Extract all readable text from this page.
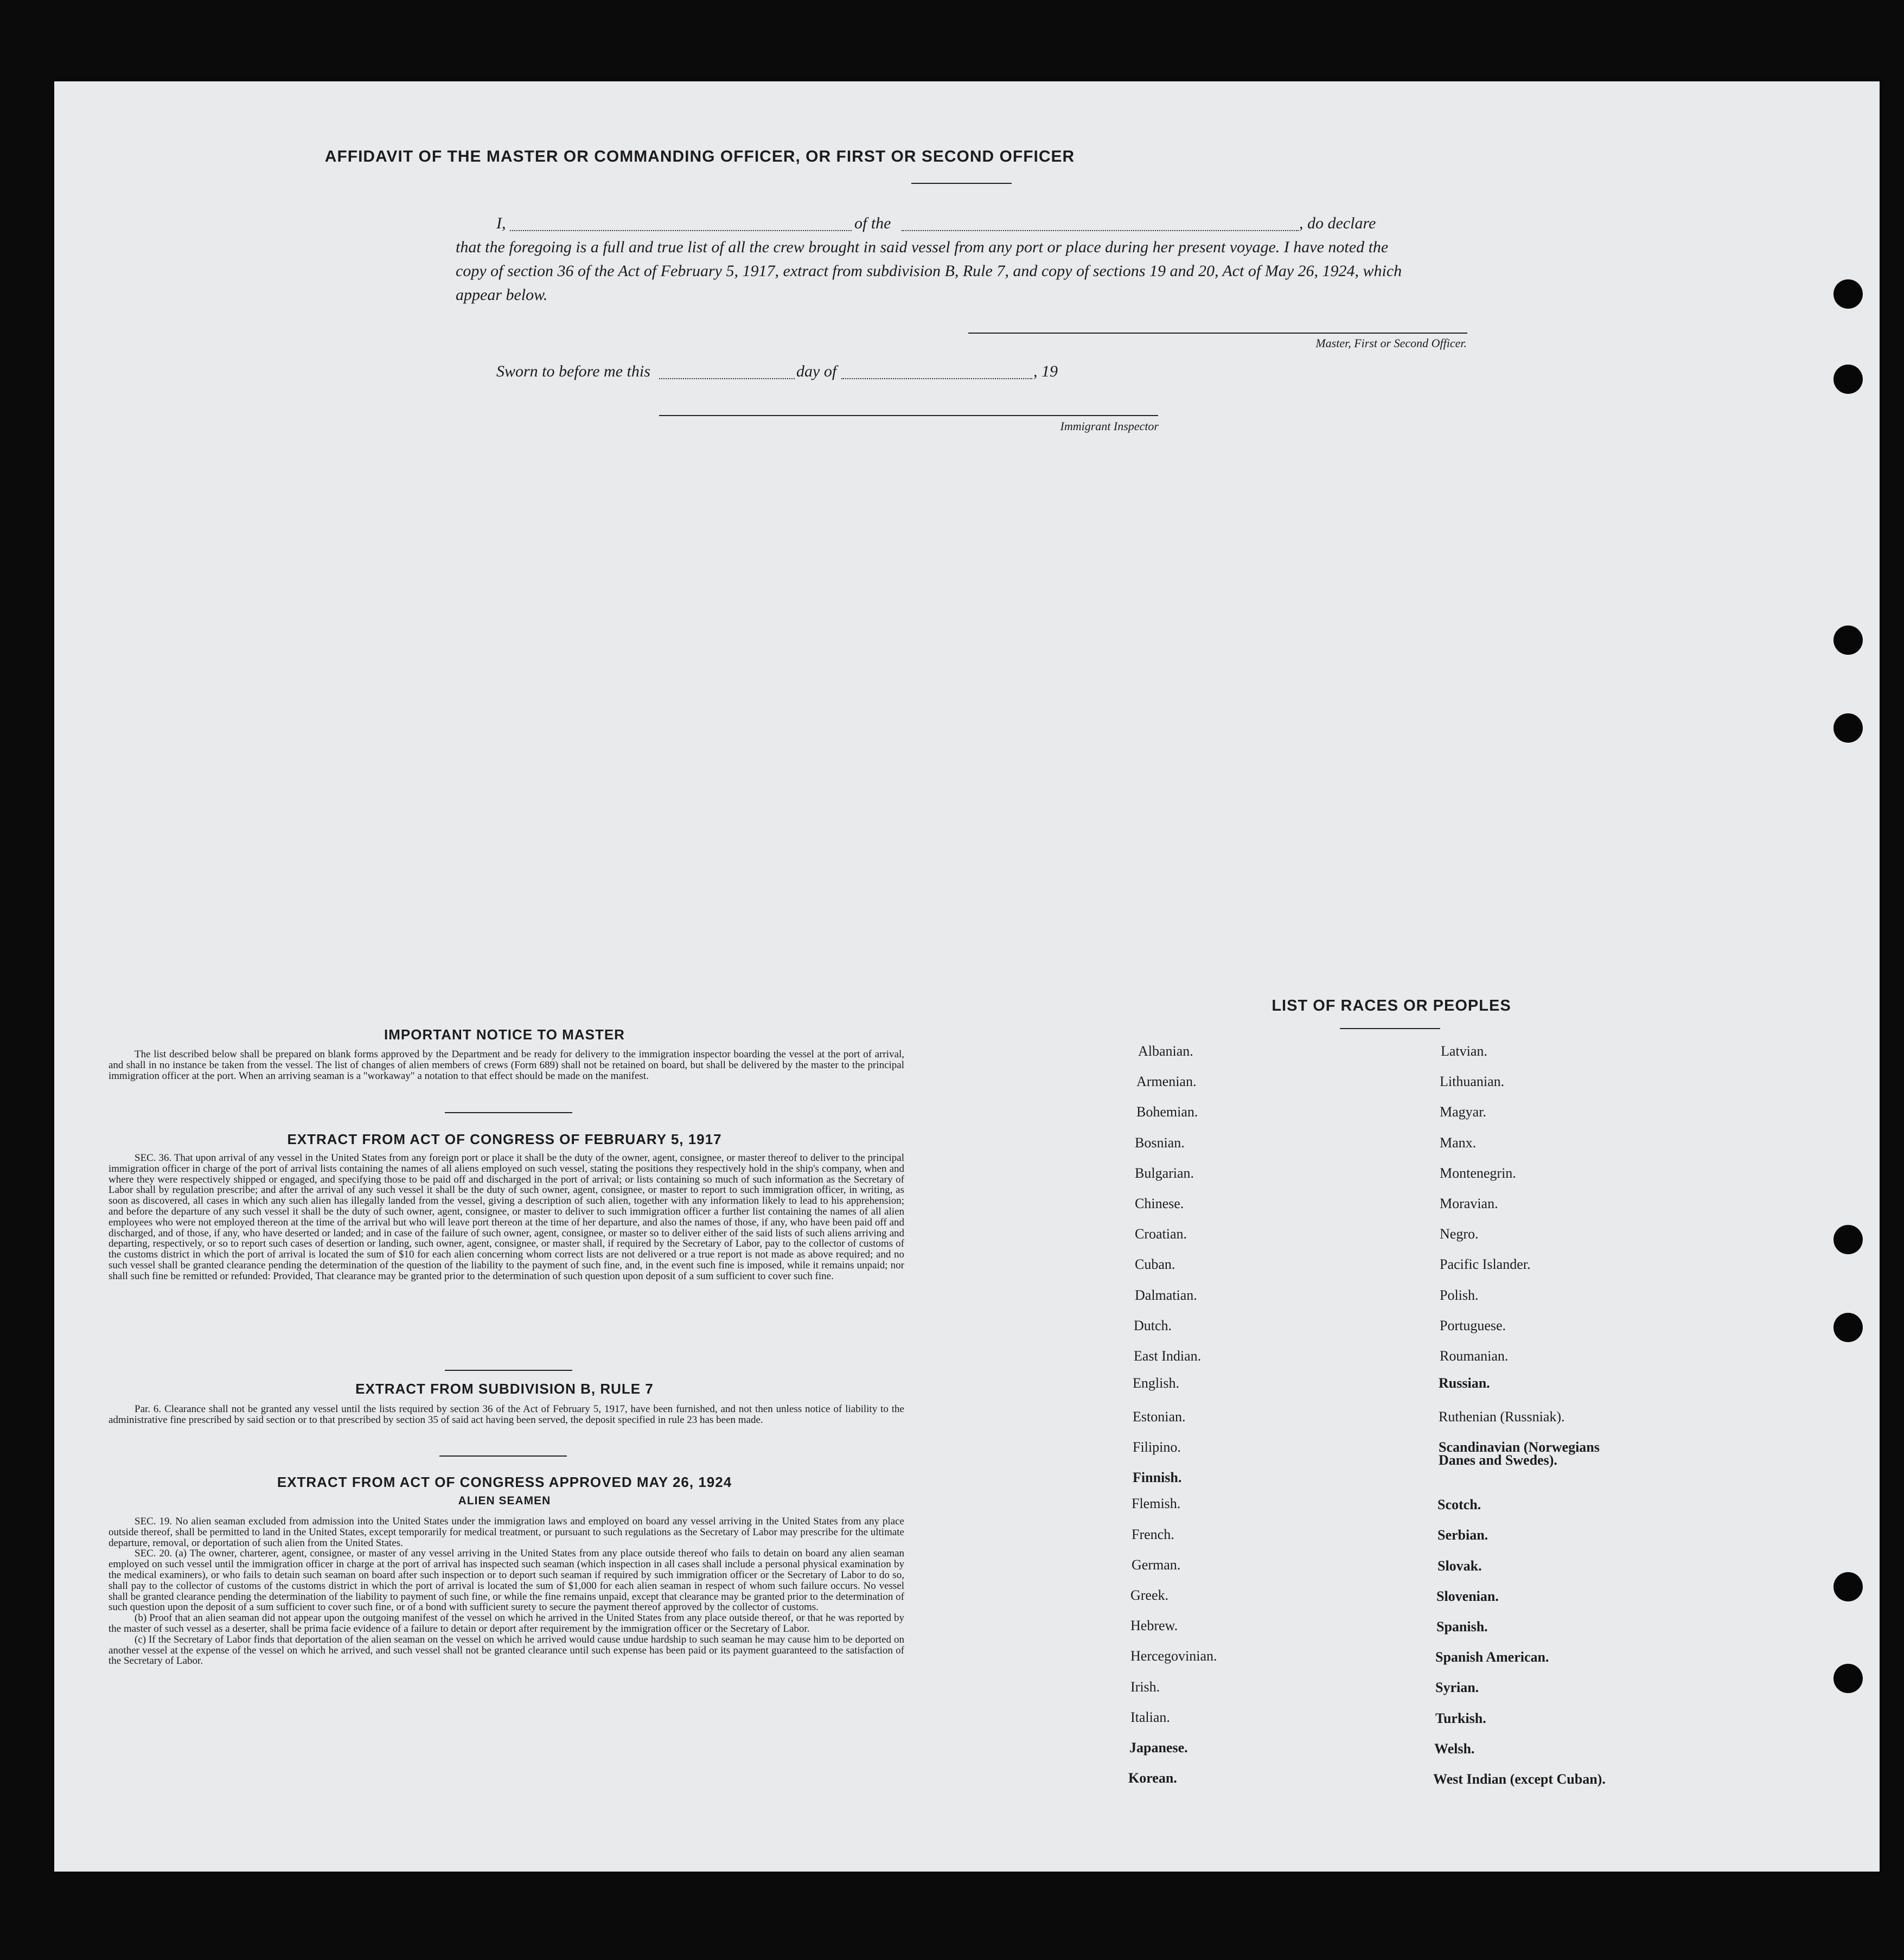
AFFIDAVIT OF THE MASTER OR COMMANDING OFFICER, OR FIRST OR SECOND OFFICER
I,	of the	, do declare
that the foregoing is a full and true list of all the crew brought in said vessel from any port or place during her present voyage. I have noted the
copy of section 36 of the Act of February 5, 1917, extract from subdivision B, Rule 7, and copy of sections 19 and 20, Act of May 26, 1924, which
appear below.
Master, First or Second Officer.
Sworn to before me this	day of	, 19
Immigrant Inspector
IMPORTANT NOTICE TO MASTER
The list described below shall be prepared on blank forms approved by the Department and be ready for delivery to the immigration inspector boarding the vessel at the port of arrival, and shall in no instance be taken from the vessel. The list of changes of alien members of crews (Form 689) shall not be retained on board, but shall be delivered by the master to the principal immigration officer at the port. When an arriving seaman is a "workaway" a notation to that effect should be made on the manifest.
EXTRACT FROM ACT OF CONGRESS OF FEBRUARY 5, 1917
SEC. 36. That upon arrival of any vessel in the United States from any foreign port or place it shall be the duty of the owner, agent, consignee, or master thereof to deliver to the principal immigration officer in charge of the port of arrival lists containing the names of all aliens employed on such vessel, stating the positions they respectively hold in the ship's company, when and where they were respectively shipped or engaged, and specifying those to be paid off and discharged in the port of arrival; or lists containing so much of such information as the Secretary of Labor shall by regulation prescribe; and after the arrival of any such vessel it shall be the duty of such owner, agent, consignee, or master to report to such immigration officer, in writing, as soon as discovered, all cases in which any such alien has illegally landed from the vessel, giving a description of such alien, together with any information likely to lead to his apprehension; and before the departure of any such vessel it shall be the duty of such owner, agent, consignee, or master to deliver to such immigration officer a further list containing the names of all alien employees who were not employed thereon at the time of the arrival but who will leave port thereon at the time of her departure, and also the names of those, if any, who have been paid off and discharged, and of those, if any, who have deserted or landed; and in case of the failure of such owner, agent, consignee, or master so to deliver either of the said lists of such aliens arriving and departing, respectively, or so to report such cases of desertion or landing, such owner, agent, consignee, or master shall, if required by the Secretary of Labor, pay to the collector of customs of the customs district in which the port of arrival is located the sum of $10 for each alien concerning whom correct lists are not delivered or a true report is not made as above required; and no such vessel shall be granted clearance pending the determination of the question of the liability to the payment of such fine, and, in the event such fine is imposed, while it remains unpaid; nor shall such fine be remitted or refunded: Provided, That clearance may be granted prior to the determination of such question upon deposit of a sum sufficient to cover such fine.
EXTRACT FROM SUBDIVISION B, RULE 7
Par. 6. Clearance shall not be granted any vessel until the lists required by section 36 of the Act of February 5, 1917, have been furnished, and not then unless notice of liability to the administrative fine prescribed by said section or to that prescribed by section 35 of said act having been served, the deposit specified in rule 23 has been made.
EXTRACT FROM ACT OF CONGRESS APPROVED MAY 26, 1924
ALIEN SEAMEN
SEC. 19. No alien seaman excluded from admission into the United States under the immigration laws and employed on board any vessel arriving in the United States from any place outside thereof, shall be permitted to land in the United States, except temporarily for medical treatment, or pursuant to such regulations as the Secretary of Labor may prescribe for the ultimate departure, removal, or deportation of such alien from the United States.
SEC. 20. (a) The owner, charterer, agent, consignee, or master of any vessel arriving in the United States from any place outside thereof who fails to detain on board any alien seaman employed on such vessel until the immigration officer in charge at the port of arrival has inspected such seaman (which inspection in all cases shall include a personal physical examination by the medical examiners), or who fails to detain such seaman on board after such inspection or to deport such seaman if required by such immigration officer or the Secretary of Labor to do so, shall pay to the collector of customs of the customs district in which the port of arrival is located the sum of $1,000 for each alien seaman in respect of whom such failure occurs. No vessel shall be granted clearance pending the determination of the liability to payment of such fine, or while the fine remains unpaid, except that clearance may be granted prior to the determination of such question upon the deposit of a sum sufficient to cover such fine, or of a bond with sufficient surety to secure the payment thereof approved by the collector of customs.
(b) Proof that an alien seaman did not appear upon the outgoing manifest of the vessel on which he arrived in the United States from any place outside thereof, or that he was reported by the master of such vessel as a deserter, shall be prima facie evidence of a failure to detain or deport after requirement by the immigration officer or the Secretary of Labor.
(c) If the Secretary of Labor finds that deportation of the alien seaman on the vessel on which he arrived would cause undue hardship to such seaman he may cause him to be deported on another vessel at the expense of the vessel on which he arrived, and such vessel shall not be granted clearance until such expense has been paid or its payment guaranteed to the satisfaction of the Secretary of Labor.
LIST OF RACES OR PEOPLES
Albanian.
Armenian.
Bohemian.
Bosnian.
Bulgarian.
Chinese.
Croatian.
Cuban.
Dalmatian.
Dutch.
East Indian.
English.
Estonian.
Filipino.
Finnish.
Flemish.
French.
German.
Greek.
Hebrew.
Hercegovinian.
Irish.
Italian.
Japanese.
Korean.
Latvian.
Lithuanian.
Magyar.
Manx.
Montenegrin.
Moravian.
Negro.
Pacific Islander.
Polish.
Portuguese.
Roumanian.
Russian.
Ruthenian (Russniak).
Scandinavian (Norwegians Danes and Swedes).
Scotch.
Serbian.
Slovak.
Slovenian.
Spanish.
Spanish American.
Syrian.
Turkish.
Welsh.
West Indian (except Cuban).
